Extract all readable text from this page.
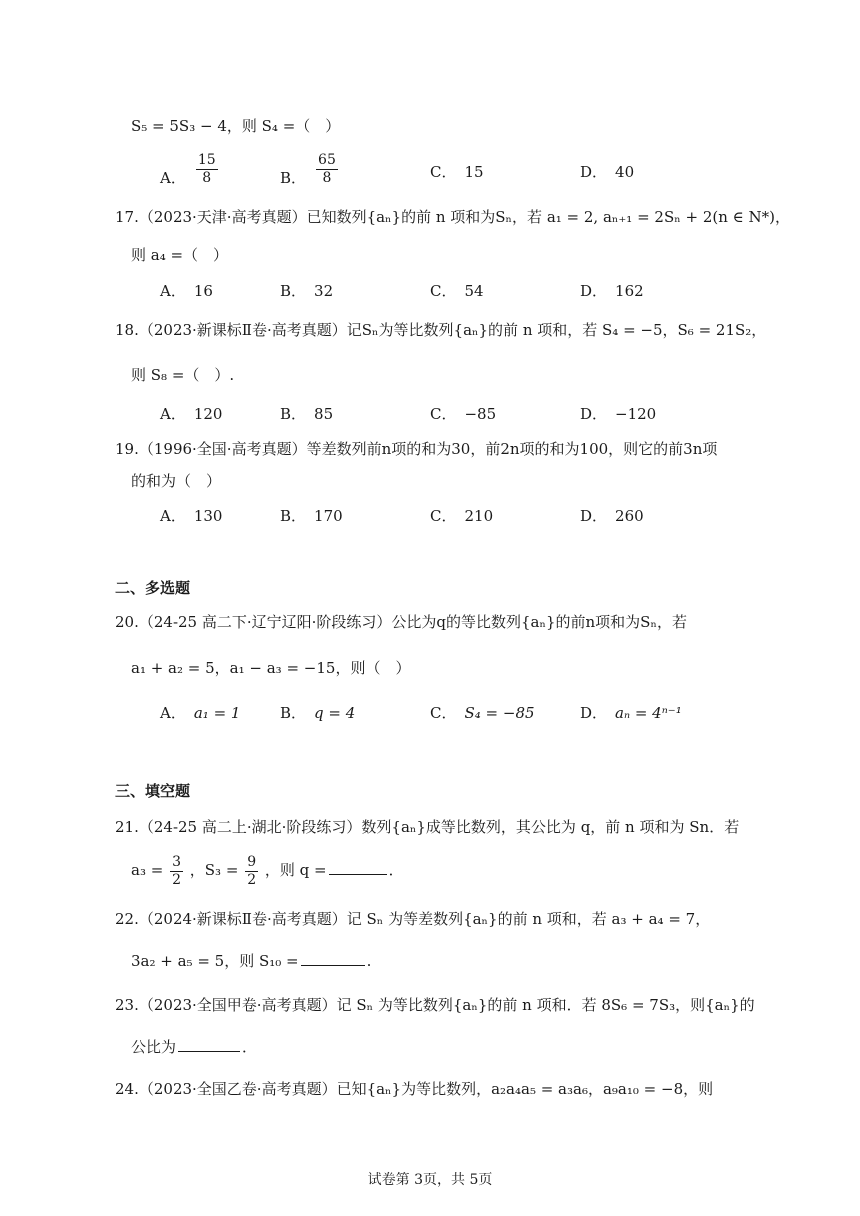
S₅ = 5S₃ − 4，则 S₄ =（　）
A． $\frac{15}{8}$	B． $\frac{65}{8}$	C． 15	D． 40
17.（2023·天津·高考真题）已知数列{aₙ}的前 n 项和为Sₙ，若 a₁ = 2, aₙ₊₁ = 2Sₙ + 2(n ∈ N*)，
则 a₄ =（　）
A． 16	B． 32	C． 54	D． 162
18.（2023·新课标Ⅱ卷·高考真题）记Sₙ为等比数列{aₙ}的前 n 项和，若 S₄ = −5，S₆ = 21S₂，
则 S₈ =（　）.
A． 120	B． 85	C． −85	D． −120
19.（1996·全国·高考真题）等差数列前n项的和为30，前2n项的和为100，则它的前3n项
的和为（　）
A． 130	B． 170	C． 210	D． 260
二、多选题
20.（24-25 高二下·辽宁辽阳·阶段练习）公比为q的等比数列{aₙ}的前n项和为Sₙ，若
a₁ + a₂ = 5，a₁ − a₃ = −15，则（　）
A． a₁ = 1	B． q = 4	C． S₄ = −85	D． aₙ = 4ⁿ⁻¹
三、填空题
21.（24-25 高二上·湖北·阶段练习）数列{aₙ}成等比数列，其公比为 q，前 n 项和为 Sn．若
$a_3 = \frac{3}{2}$ ，$S_3 = \frac{9}{2}$ ，则 q =	．
22.（2024·新课标Ⅱ卷·高考真题）记 Sₙ 为等差数列{aₙ}的前 n 项和，若 a₃ + a₄ = 7，
3a₂ + a₅ = 5，则 S₁₀ =	.
23.（2023·全国甲卷·高考真题）记 Sₙ 为等比数列{aₙ}的前 n 项和．若 8S₆ = 7S₃，则{aₙ}的
公比为	．
24.（2023·全国乙卷·高考真题）已知{aₙ}为等比数列，a₂a₄a₅ = a₃a₆，a₉a₁₀ = −8，则
试卷第 3页，共 5页
